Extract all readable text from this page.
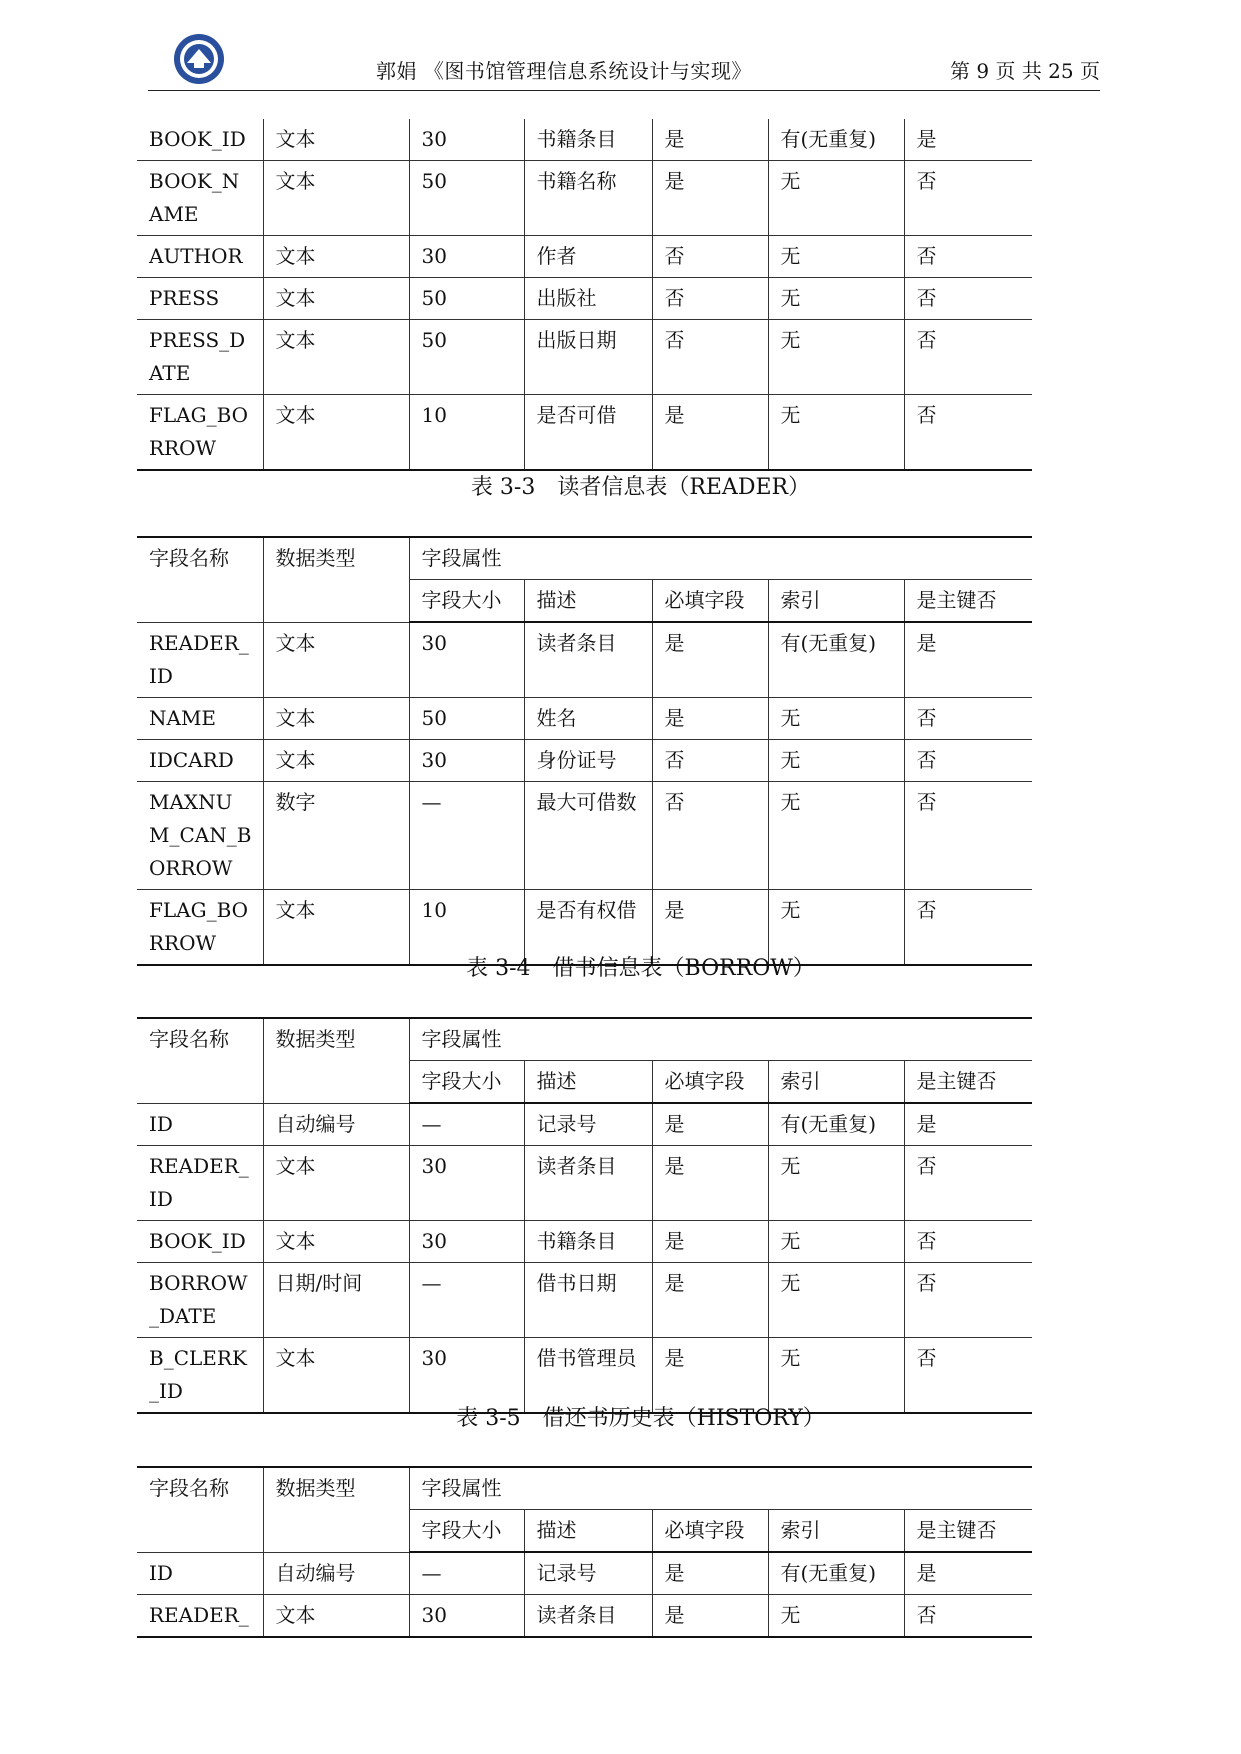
郭娟 《图书馆管理信息系统设计与实现》	第 9 页 共 25 页
BOOK_ID	文本	30	书籍条目	是	有(无重复)	是
BOOK_NAME	文本	50	书籍名称	是	无	否
AUTHOR	文本	30	作者	否	无	否
PRESS	文本	50	出版社	否	无	否
PRESS_DATE	文本	50	出版日期	否	无	否
FLAG_BORROW	文本	10	是否可借	是	无	否
表 3-3 读者信息表（READER）
字段名称	数据类型	字段属性				
		字段大小	描述	必填字段	索引	是主键否
READER_ID	文本	30	读者条目	是	有(无重复)	是
NAME	文本	50	姓名	是	无	否
IDCARD	文本	30	身份证号	否	无	否
MAXNUM_CAN_BORROW	数字	—	最大可借数	否	无	否
FLAG_BORROW	文本	10	是否有权借	是	无	否
表 3-4 借书信息表（BORROW）
字段名称	数据类型	字段属性				
		字段大小	描述	必填字段	索引	是主键否
ID	自动编号	—	记录号	是	有(无重复)	是
READER_ID	文本	30	读者条目	是	无	否
BOOK_ID	文本	30	书籍条目	是	无	否
BORROW_DATE	日期/时间	—	借书日期	是	无	否
B_CLERK_ID	文本	30	借书管理员	是	无	否
表 3-5 借还书历史表（HISTORY）
字段名称	数据类型	字段属性				
		字段大小	描述	必填字段	索引	是主键否
ID	自动编号	—	记录号	是	有(无重复)	是
READER_	文本	30	读者条目	是	无	否
